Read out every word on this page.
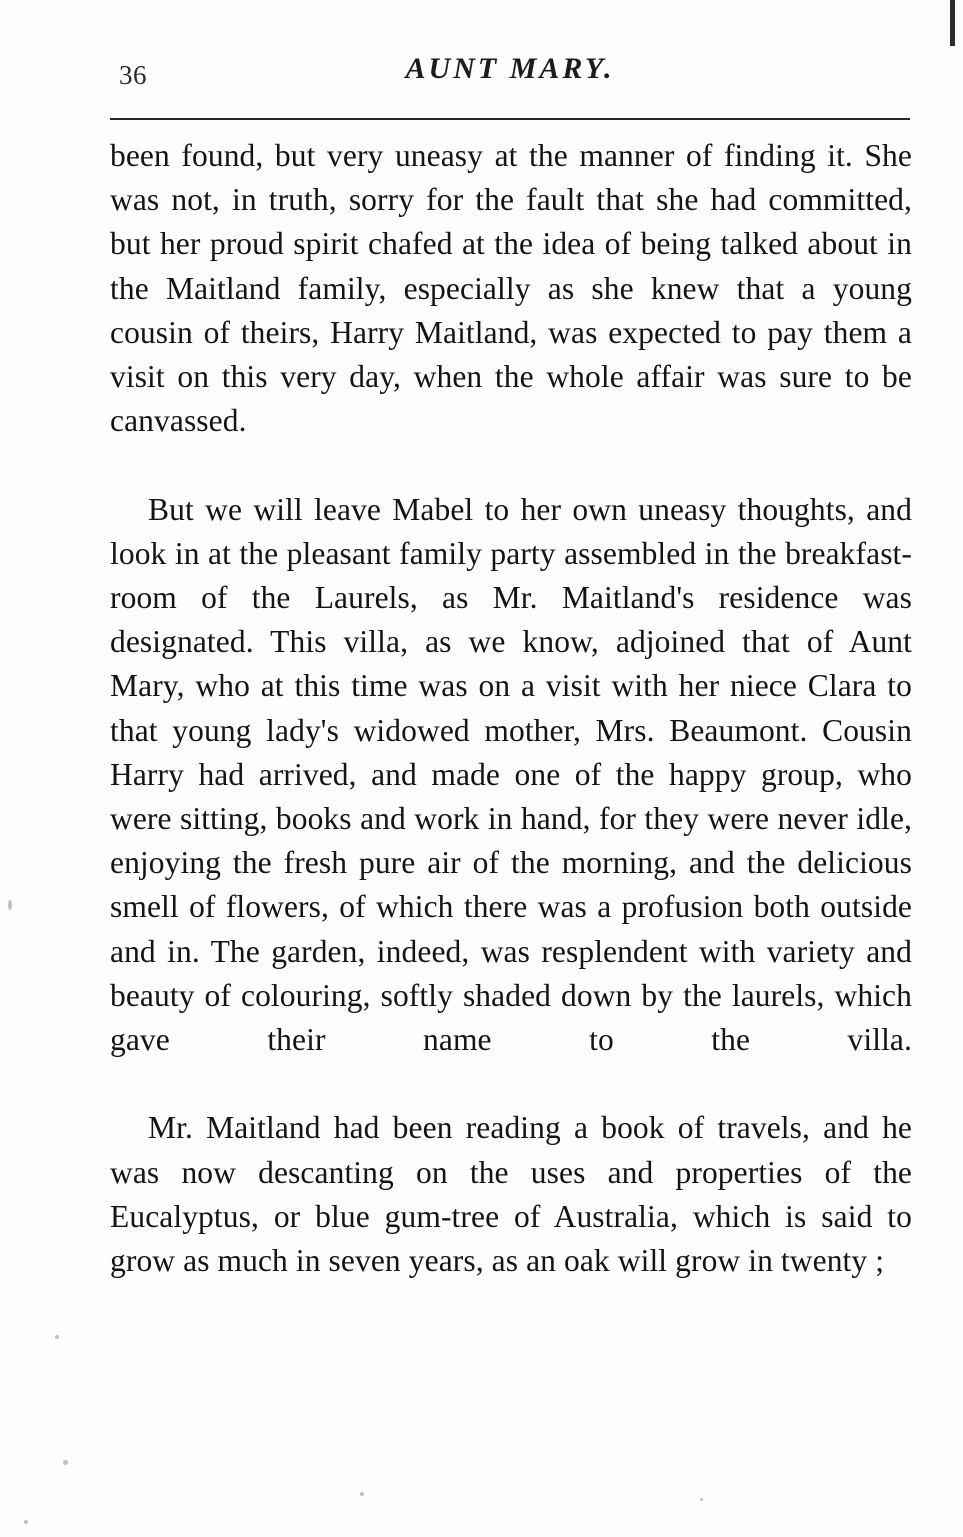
36	AUNT MARY.

been found, but very uneasy at the manner of finding it. She was not, in truth, sorry for the fault that she had committed, but her proud spirit chafed at the idea of being talked about in the Maitland family, especially as she knew that a young cousin of theirs, Harry Maitland, was expected to pay them a visit on this very day, when the whole affair was sure to be canvassed.

But we will leave Mabel to her own uneasy thoughts, and look in at the pleasant family party assembled in the breakfast-room of the Laurels, as Mr. Maitland's residence was designated. This villa, as we know, adjoined that of Aunt Mary, who at this time was on a visit with her niece Clara to that young lady's widowed mother, Mrs. Beaumont. Cousin Harry had arrived, and made one of the happy group, who were sitting, books and work in hand, for they were never idle, enjoying the fresh pure air of the morning, and the delicious smell of flowers, of which there was a profusion both outside and in. The garden, indeed, was resplendent with variety and beauty of colouring, softly shaded down by the laurels, which gave their name to the villa.

Mr. Maitland had been reading a book of travels, and he was now descanting on the uses and properties of the Eucalyptus, or blue gum-tree of Australia, which is said to grow as much in seven years, as an oak will grow in twenty ;
